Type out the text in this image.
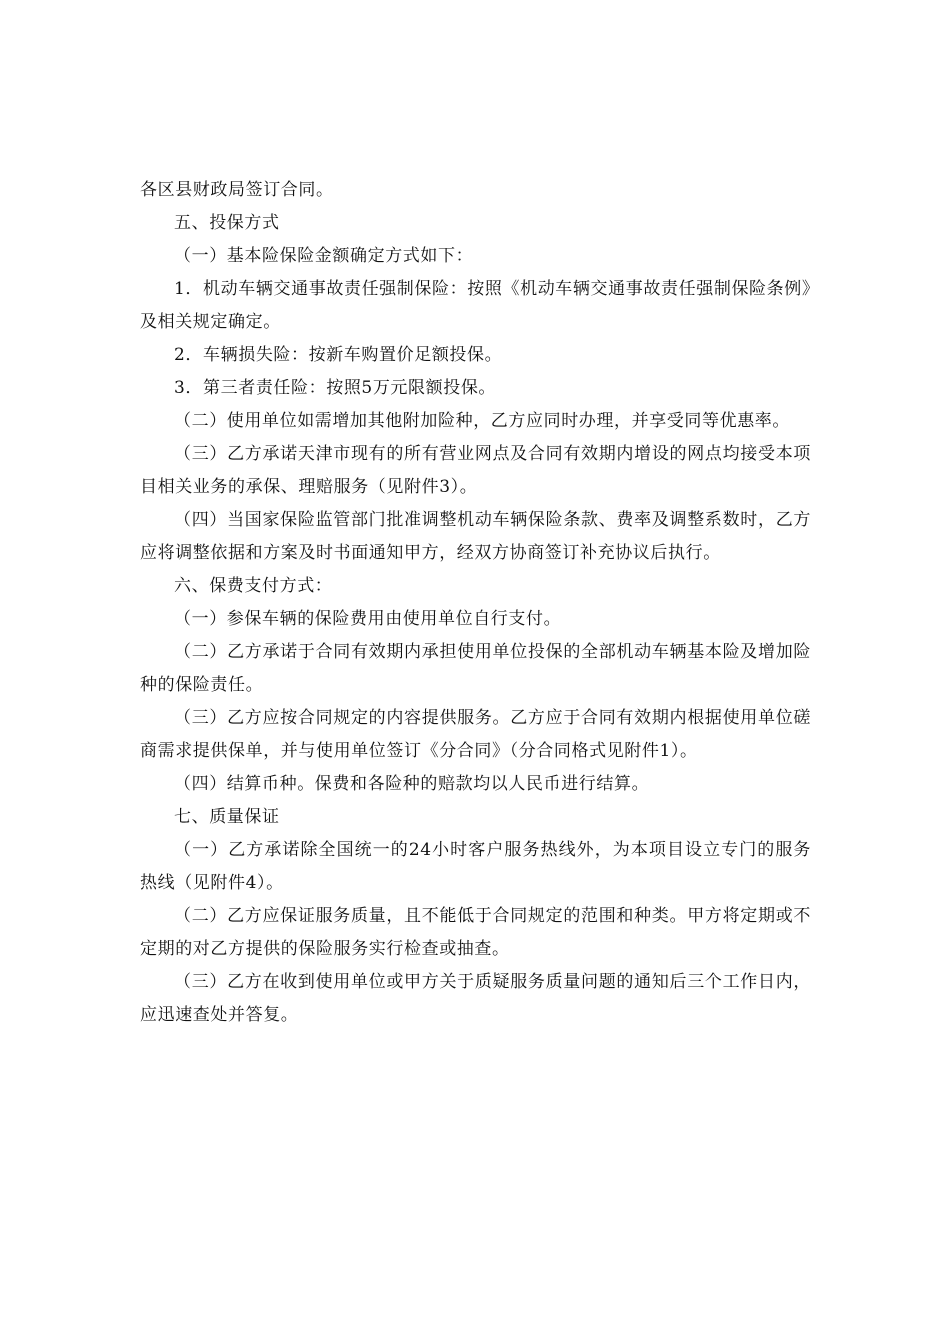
各区县财政局签订合同。

五、投保方式

（一）基本险保险金额确定方式如下：

1．机动车辆交通事故责任强制保险：按照《机动车辆交通事故责任强制保险条例》及相关规定确定。

2．车辆损失险：按新车购置价足额投保。

3．第三者责任险：按照5万元限额投保。

（二）使用单位如需增加其他附加险种，乙方应同时办理，并享受同等优惠率。

（三）乙方承诺天津市现有的所有营业网点及合同有效期内增设的网点均接受本项目相关业务的承保、理赔服务（见附件3）。

（四）当国家保险监管部门批准调整机动车辆保险条款、费率及调整系数时，乙方应将调整依据和方案及时书面通知甲方，经双方协商签订补充协议后执行。

六、保费支付方式：

（一）参保车辆的保险费用由使用单位自行支付。

（二）乙方承诺于合同有效期内承担使用单位投保的全部机动车辆基本险及增加险种的保险责任。

（三）乙方应按合同规定的内容提供服务。乙方应于合同有效期内根据使用单位磋商需求提供保单，并与使用单位签订《分合同》（分合同格式见附件1）。

（四）结算币种。保费和各险种的赔款均以人民币进行结算。

七、质量保证

（一）乙方承诺除全国统一的24小时客户服务热线外，为本项目设立专门的服务热线（见附件4）。

（二）乙方应保证服务质量，且不能低于合同规定的范围和种类。甲方将定期或不定期的对乙方提供的保险服务实行检查或抽查。

（三）乙方在收到使用单位或甲方关于质疑服务质量问题的通知后三个工作日内，应迅速查处并答复。
